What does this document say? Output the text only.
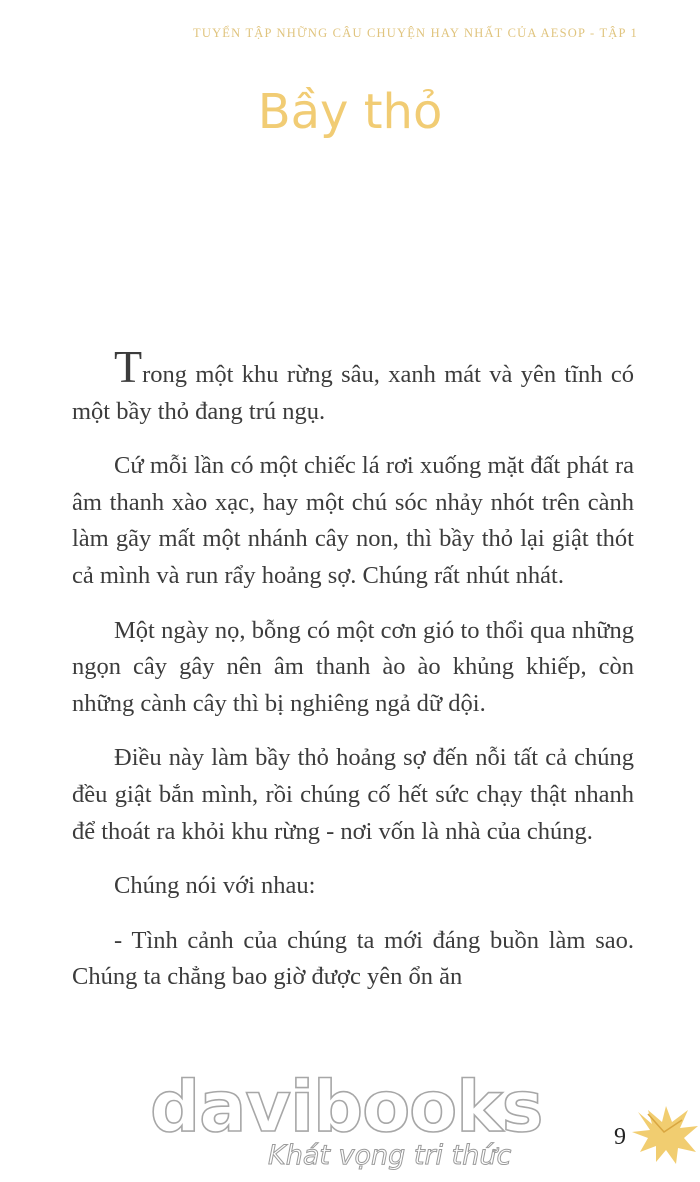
TUYỂN TẬP NHỮNG CÂU CHUYỆN HAY NHẤT CỦA AESOP - TẬP 1
Bầy thỏ

Trong một khu rừng sâu, xanh mát và yên tĩnh có một bầy thỏ đang trú ngụ.

Cứ mỗi lần có một chiếc lá rơi xuống mặt đất phát ra âm thanh xào xạc, hay một chú sóc nhảy nhót trên cành làm gãy mất một nhánh cây non, thì bầy thỏ lại giật thót cả mình và run rẩy hoảng sợ. Chúng rất nhút nhát.

Một ngày nọ, bỗng có một cơn gió to thổi qua những ngọn cây gây nên âm thanh ào ào khủng khiếp, còn những cành cây thì bị nghiêng ngả dữ dội.

Điều này làm bầy thỏ hoảng sợ đến nỗi tất cả chúng đều giật bắn mình, rồi chúng cố hết sức chạy thật nhanh để thoát ra khỏi khu rừng - nơi vốn là nhà của chúng.

Chúng nói với nhau:

- Tình cảnh của chúng ta mới đáng buồn làm sao. Chúng ta chẳng bao giờ được yên ổn ăn

davibooks
Khát vọng tri thức
9
